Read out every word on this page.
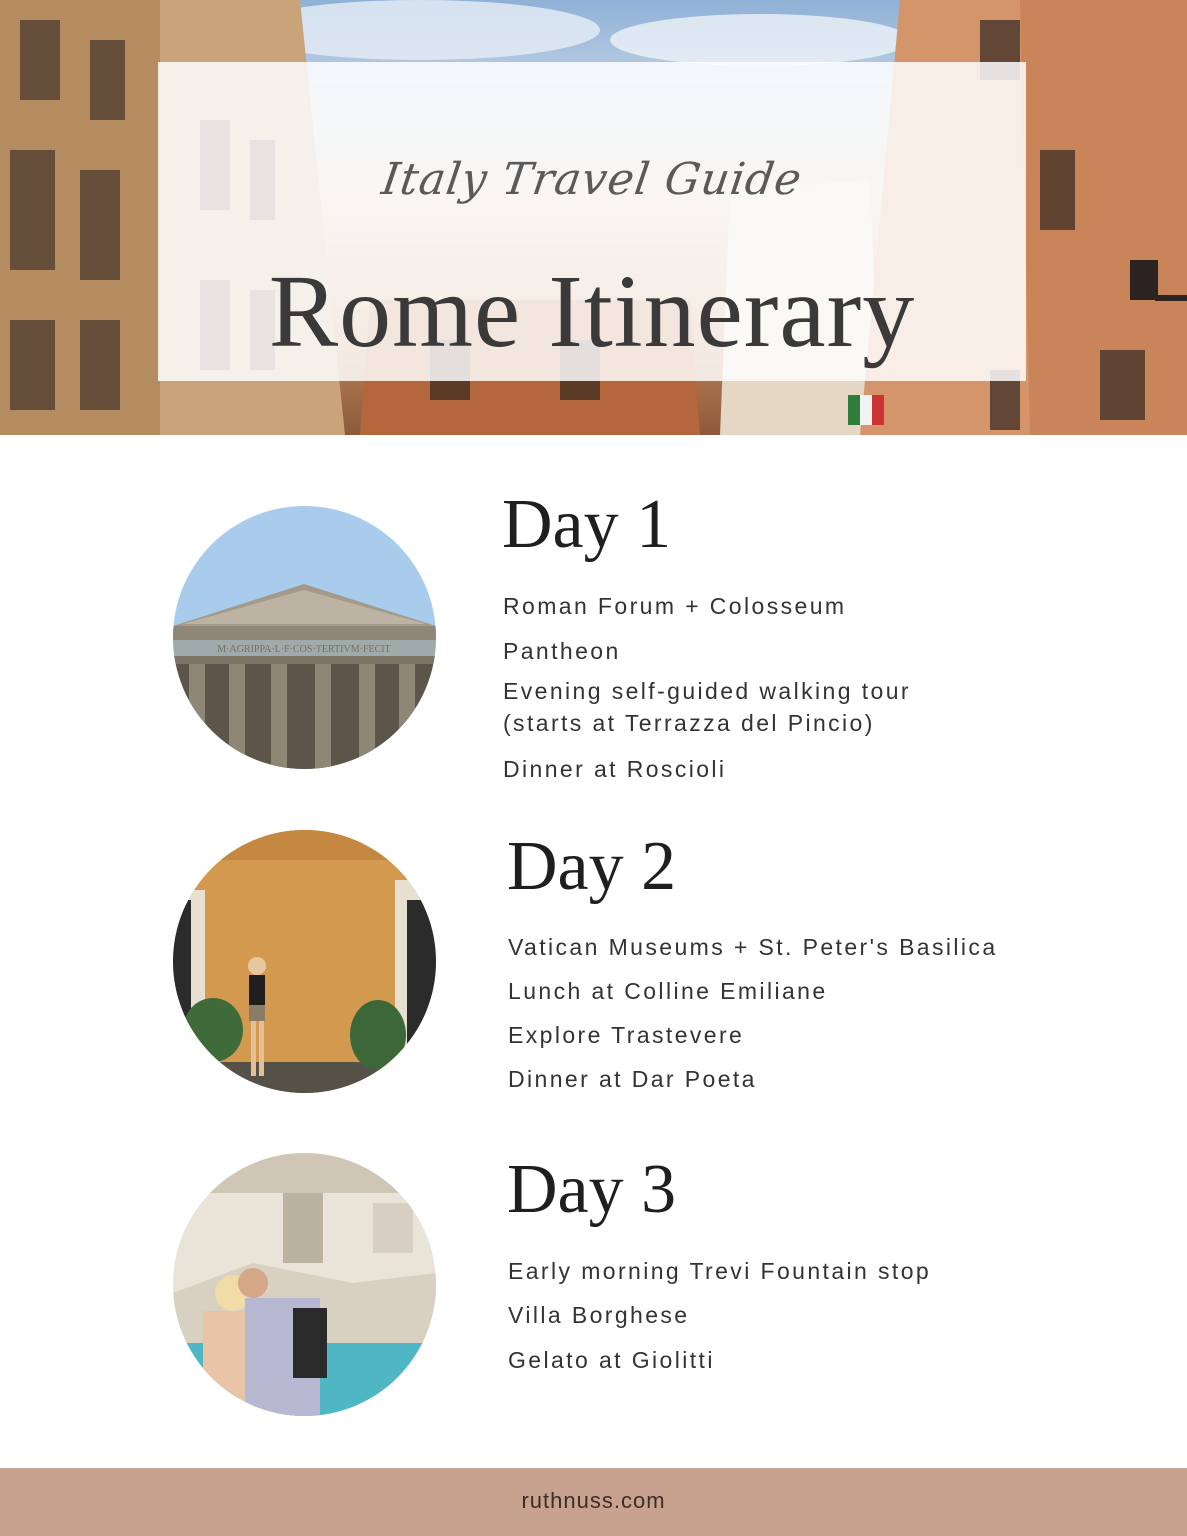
Italy Travel Guide
Rome Itinerary
Day 1
Roman Forum + Colosseum
Pantheon
Evening self-guided walking tour
(starts at Terrazza del Pincio)
Dinner at Roscioli
Day 2
Vatican Museums + St. Peter's Basilica
Lunch at Colline Emiliane
Explore Trastevere
Dinner at Dar Poeta
Day 3
Early morning Trevi Fountain stop
Villa Borghese
Gelato at Giolitti
ruthnuss.com
